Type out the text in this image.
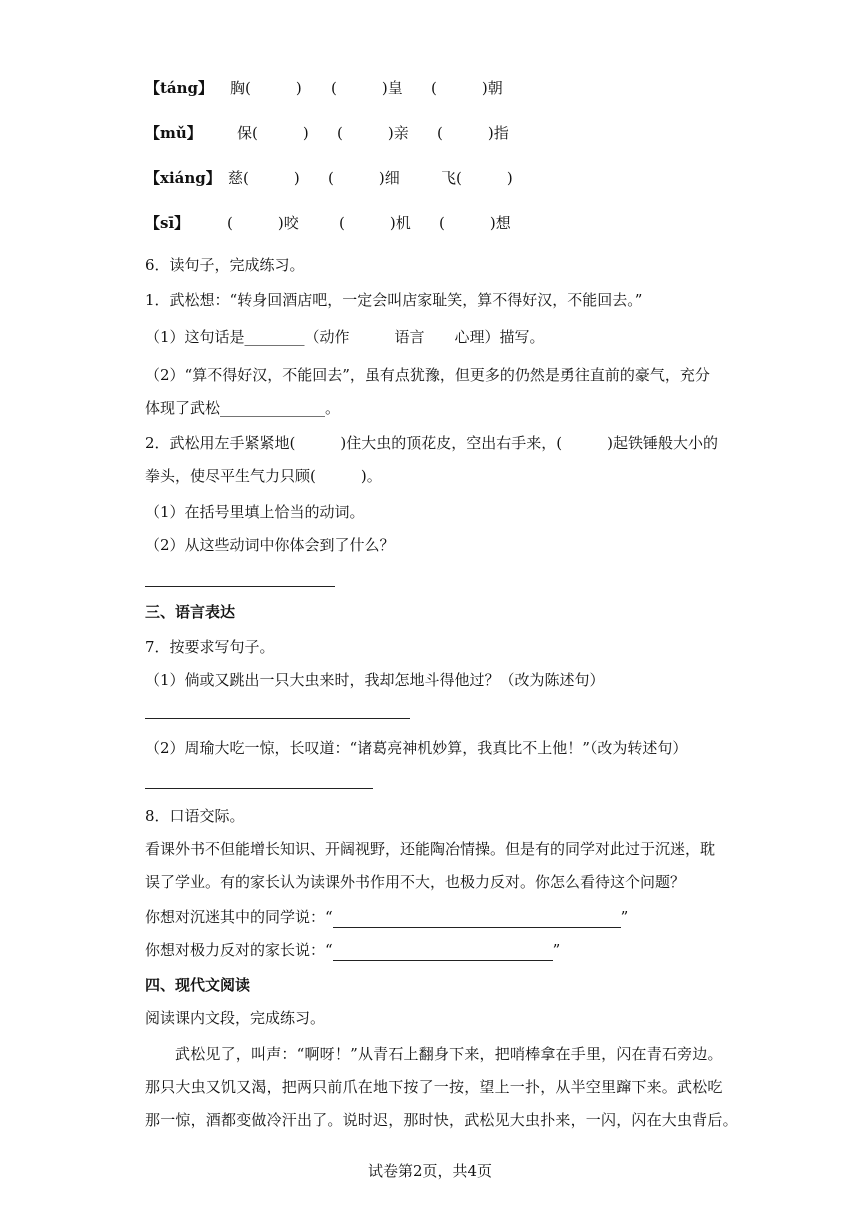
【táng】 胸(　　　) (　　　)皇 (　　　)朝
【mǔ】 保(　　　) (　　　)亲 (　　　)指
【xiáng】 慈(　　　) (　　　)细	飞(　　　)
【sī】	(　　　)咬	(　　　)机 (　　　)想
6．读句子，完成练习。
1．武松想：“转身回酒店吧，一定会叫店家耻笑，算不得好汉，不能回去。”
（1）这句话是________（动作　　　语言　　心理）描写。
（2）“算不得好汉，不能回去”，虽有点犹豫，但更多的仍然是勇往直前的豪气，充分
体现了武松______________。
2．武松用左手紧紧地(　　　)住大虫的顶花皮，空出右手来，(　　　)起铁锤般大小的
拳头，使尽平生气力只顾(　　　)。
（1）在括号里填上恰当的动词。
（2）从这些动词中你体会到了什么？
三、语言表达
7．按要求写句子。
（1）倘或又跳出一只大虫来时，我却怎地斗得他过？（改为陈述句）
（2）周瑜大吃一惊，长叹道：“诸葛亮神机妙算，我真比不上他！”（改为转述句）
8．口语交际。
看课外书不但能增长知识、开阔视野，还能陶冶情操。但是有的同学对此过于沉迷，耽
误了学业。有的家长认为读课外书作用不大，也极力反对。你怎么看待这个问题？
你想对沉迷其中的同学说：“	”
你想对极力反对的家长说：“	”
四、现代文阅读
阅读课内文段，完成练习。
武松见了，叫声：“啊呀！”从青石上翻身下来，把哨棒拿在手里，闪在青石旁边。
那只大虫又饥又渴，把两只前爪在地下按了一按，望上一扑，从半空里蹿下来。武松吃
那一惊，酒都变做冷汗出了。说时迟，那时快，武松见大虫扑来，一闪，闪在大虫背后。
试卷第2页，共4页
